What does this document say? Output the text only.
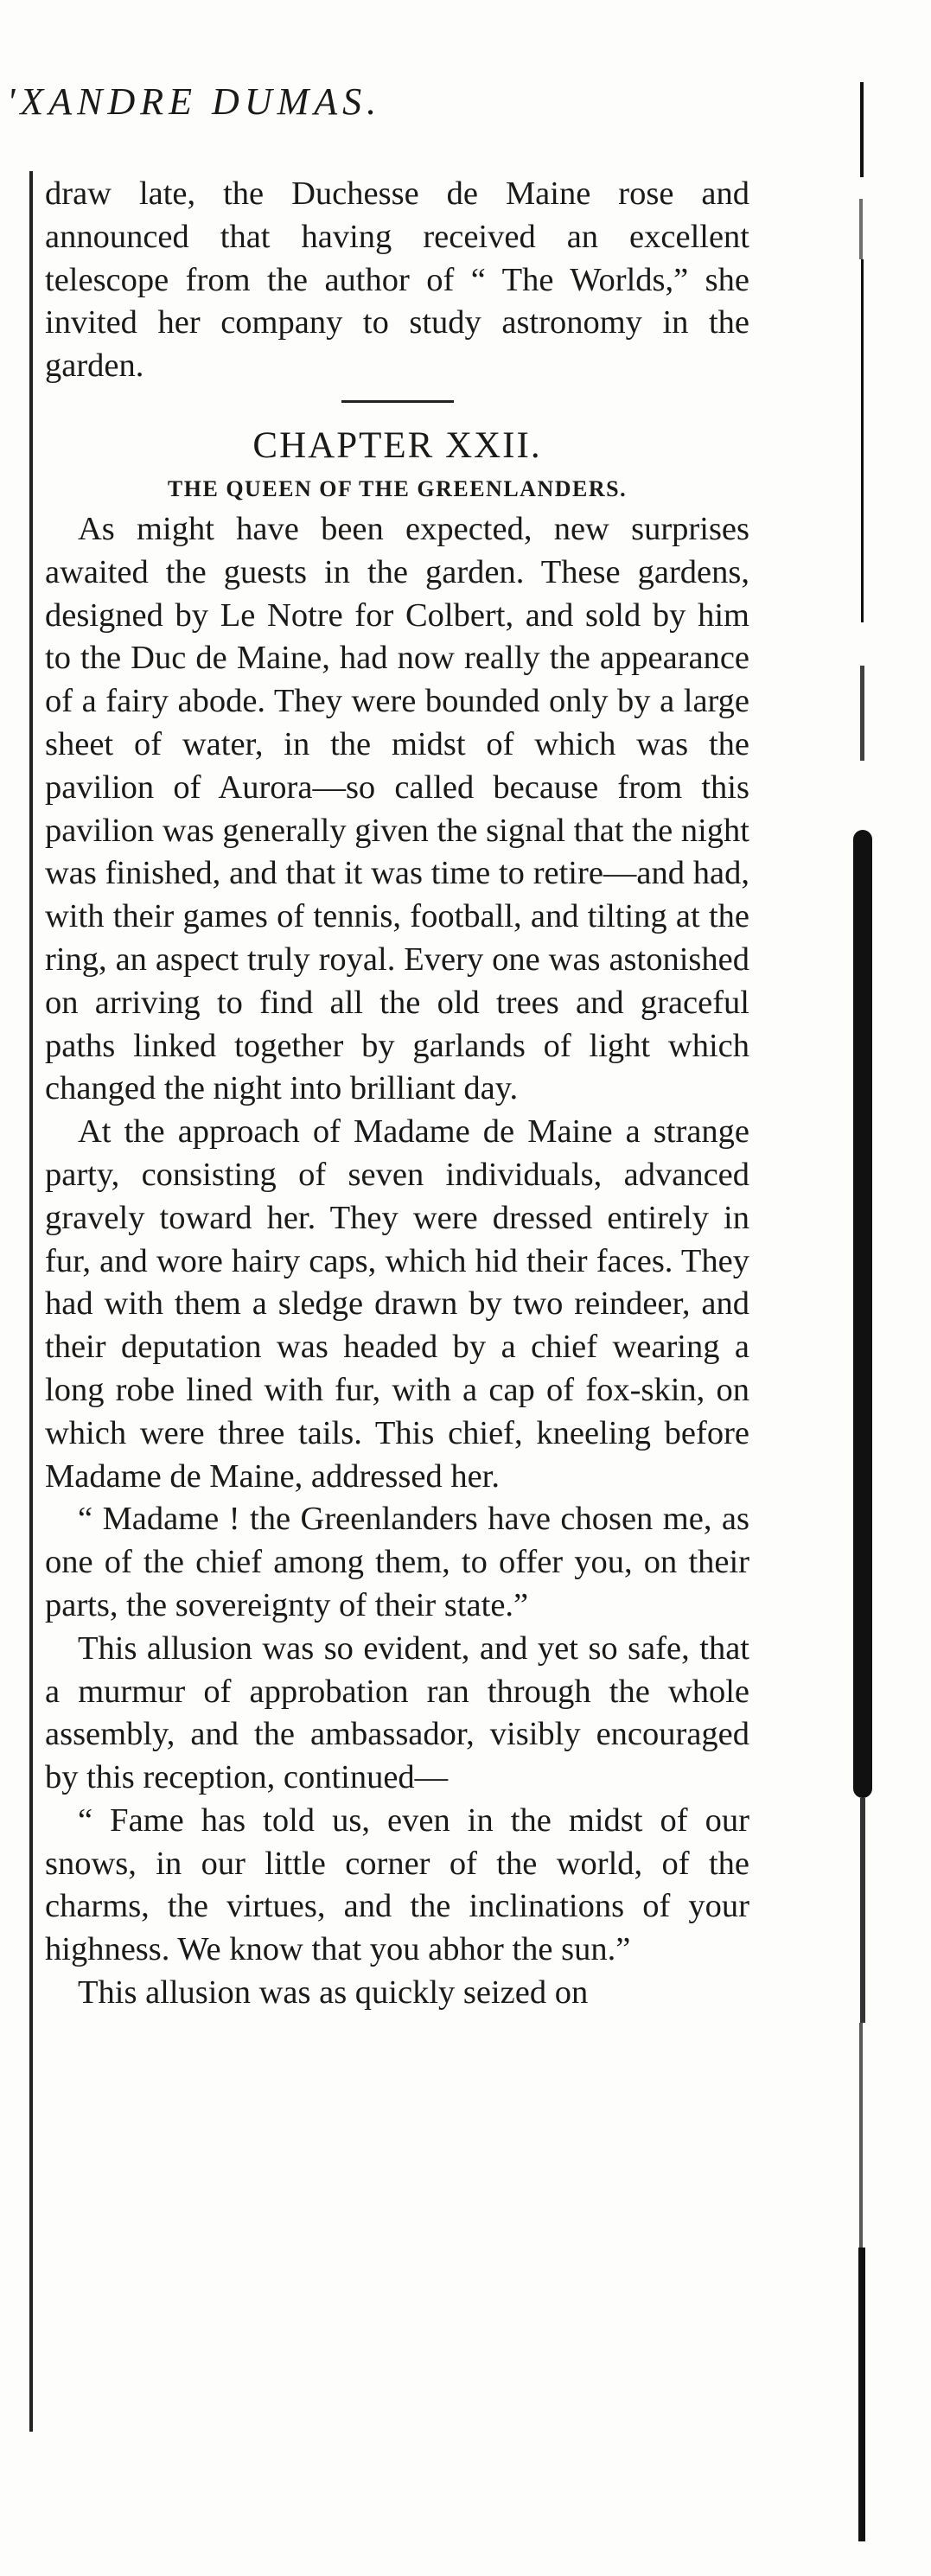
'XANDRE DUMAS.

draw late, the Duchesse de Maine rose and announced that having received an excellent telescope from the author of “ The Worlds,” she invited her company to study astronomy in the garden.

CHAPTER XXII.

THE QUEEN OF THE GREENLANDERS.

As might have been expected, new surprises awaited the guests in the garden. These gardens, designed by Le Notre for Colbert, and sold by him to the Duc de Maine, had now really the appearance of a fairy abode. They were bounded only by a large sheet of water, in the midst of which was the pavilion of Aurora—so called because from this pavilion was generally given the signal that the night was finished, and that it was time to retire—and had, with their games of tennis, football, and tilting at the ring, an aspect truly royal. Every one was astonished on arriving to find all the old trees and graceful paths linked together by garlands of light which changed the night into brilliant day.

At the approach of Madame de Maine a strange party, consisting of seven individuals, advanced gravely toward her. They were dressed entirely in fur, and wore hairy caps, which hid their faces. They had with them a sledge drawn by two reindeer, and their deputation was headed by a chief wearing a long robe lined with fur, with a cap of fox-skin, on which were three tails. This chief, kneeling before Madame de Maine, addressed her.

“ Madame ! the Greenlanders have chosen me, as one of the chief among them, to offer you, on their parts, the sovereignty of their state.”

This allusion was so evident, and yet so safe, that a murmur of approbation ran through the whole assembly, and the ambassador, visibly encouraged by this reception, continued—

“ Fame has told us, even in the midst of our snows, in our little corner of the world, of the charms, the virtues, and the inclinations of your highness. We know that you abhor the sun.”

This allusion was as quickly seized on
